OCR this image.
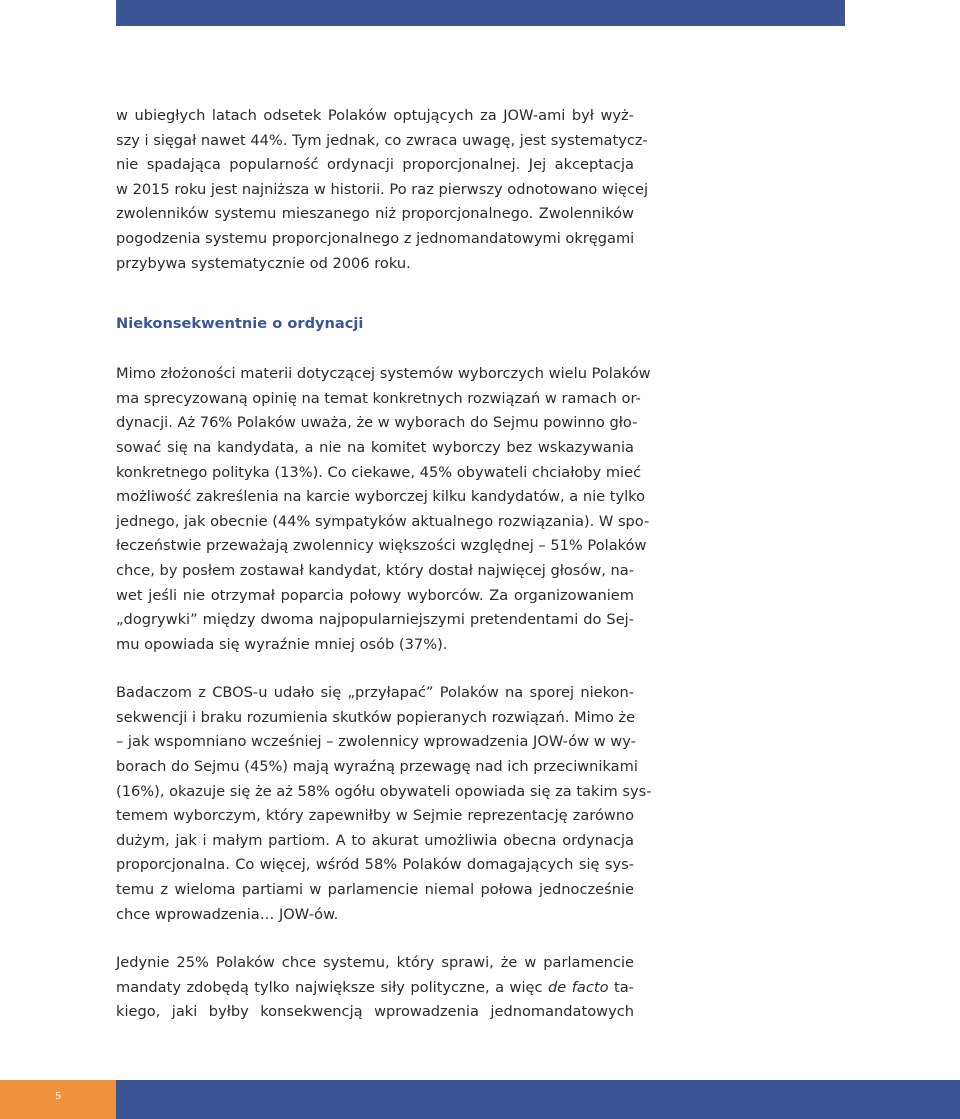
w ubiegłych latach odsetek Polaków optujących za JOW-ami był wyż-
szy i sięgał nawet 44%. Tym jednak, co zwraca uwagę, jest systematycz-
nie spadająca popularność ordynacji proporcjonalnej. Jej akceptacja
w 2015 roku jest najniższa w historii. Po raz pierwszy odnotowano więcej
zwolenników systemu mieszanego niż proporcjonalnego. Zwolenników
pogodzenia systemu proporcjonalnego z jednomandatowymi okręgami
przybywa systematycznie od 2006 roku.

Niekonsekwentnie o ordynacji

Mimo złożoności materii dotyczącej systemów wyborczych wielu Polaków
ma sprecyzowaną opinię na temat konkretnych rozwiązań w ramach or-
dynacji. Aż 76% Polaków uważa, że w wyborach do Sejmu powinno gło-
sować się na kandydata, a nie na komitet wyborczy bez wskazywania
konkretnego polityka (13%). Co ciekawe, 45% obywateli chciałoby mieć
możliwość zakreślenia na karcie wyborczej kilku kandydatów, a nie tylko
jednego, jak obecnie (44% sympatyków aktualnego rozwiązania). W spo-
łeczeństwie przeważają zwolennicy większości względnej – 51% Polaków
chce, by posłem zostawał kandydat, który dostał najwięcej głosów, na-
wet jeśli nie otrzymał poparcia połowy wyborców. Za organizowaniem
„dogrywki” między dwoma najpopularniejszymi pretendentami do Sej-
mu opowiada się wyraźnie mniej osób (37%).

Badaczom z CBOS-u udało się „przyłapać” Polaków na sporej niekon-
sekwencji i braku rozumienia skutków popieranych rozwiązań. Mimo że
– jak wspomniano wcześniej – zwolennicy wprowadzenia JOW-ów w wy-
borach do Sejmu (45%) mają wyraźną przewagę nad ich przeciwnikami
(16%), okazuje się że aż 58% ogółu obywateli opowiada się za takim sys-
temem wyborczym, który zapewniłby w Sejmie reprezentację zarówno
dużym, jak i małym partiom. A to akurat umożliwia obecna ordynacja
proporcjonalna. Co więcej, wśród 58% Polaków domagających się sys-
temu z wieloma partiami w parlamencie niemal połowa jednocześnie
chce wprowadzenia… JOW-ów.

Jedynie 25% Polaków chce systemu, który sprawi, że w parlamencie
mandaty zdobędą tylko największe siły polityczne, a więc de facto ta-
kiego, jaki byłby konsekwencją wprowadzenia jednomandatowych

5
